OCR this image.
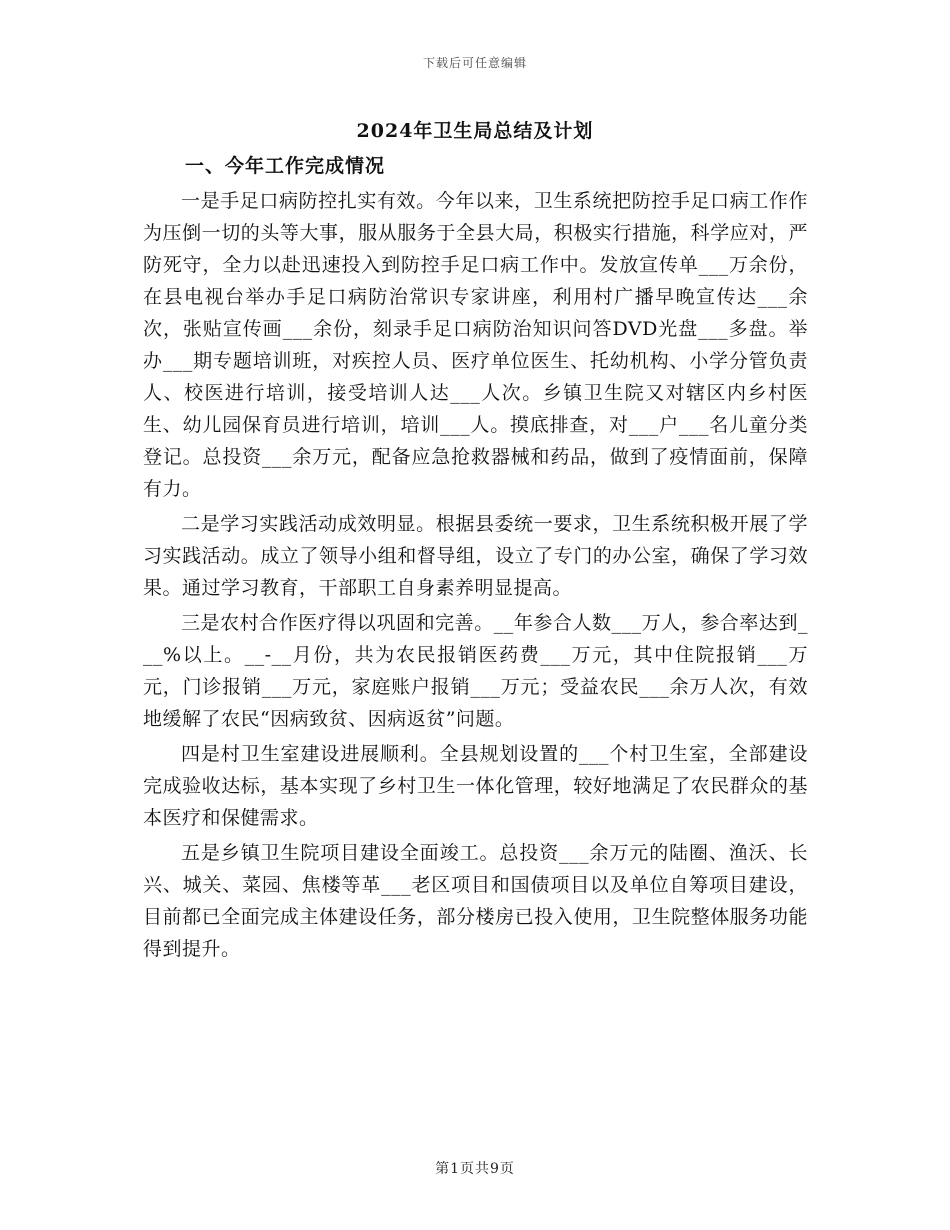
下载后可任意编辑
2024年卫生局总结及计划
一、今年工作完成情况

一是手足口病防控扎实有效。今年以来，卫生系统把防控手足口病工作作为压倒一切的头等大事，服从服务于全县大局，积极实行措施，科学应对，严防死守，全力以赴迅速投入到防控手足口病工作中。发放宣传单___万余份，在县电视台举办手足口病防治常识专家讲座，利用村广播早晚宣传达___余次，张贴宣传画___余份，刻录手足口病防治知识问答DVD光盘___多盘。举办___期专题培训班，对疾控人员、医疗单位医生、托幼机构、小学分管负责人、校医进行培训，接受培训人达___人次。乡镇卫生院又对辖区内乡村医生、幼儿园保育员进行培训，培训___人。摸底排查，对___户___名儿童分类登记。总投资___余万元，配备应急抢救器械和药品，做到了疫情面前，保障有力。

二是学习实践活动成效明显。根据县委统一要求，卫生系统积极开展了学习实践活动。成立了领导小组和督导组，设立了专门的办公室，确保了学习效果。通过学习教育，干部职工自身素养明显提高。

三是农村合作医疗得以巩固和完善。__年参合人数___万人，参合率达到___%以上。__-__月份，共为农民报销医药费___万元，其中住院报销___万元，门诊报销___万元，家庭账户报销___万元；受益农民___余万人次，有效地缓解了农民“因病致贫、因病返贫”问题。

四是村卫生室建设进展顺利。全县规划设置的___个村卫生室，全部建设完成验收达标，基本实现了乡村卫生一体化管理，较好地满足了农民群众的基本医疗和保健需求。

五是乡镇卫生院项目建设全面竣工。总投资___余万元的陆圈、渔沃、长兴、城关、菜园、焦楼等革___老区项目和国债项目以及单位自筹项目建设，目前都已全面完成主体建设任务，部分楼房已投入使用，卫生院整体服务功能得到提升。

第1页共9页
